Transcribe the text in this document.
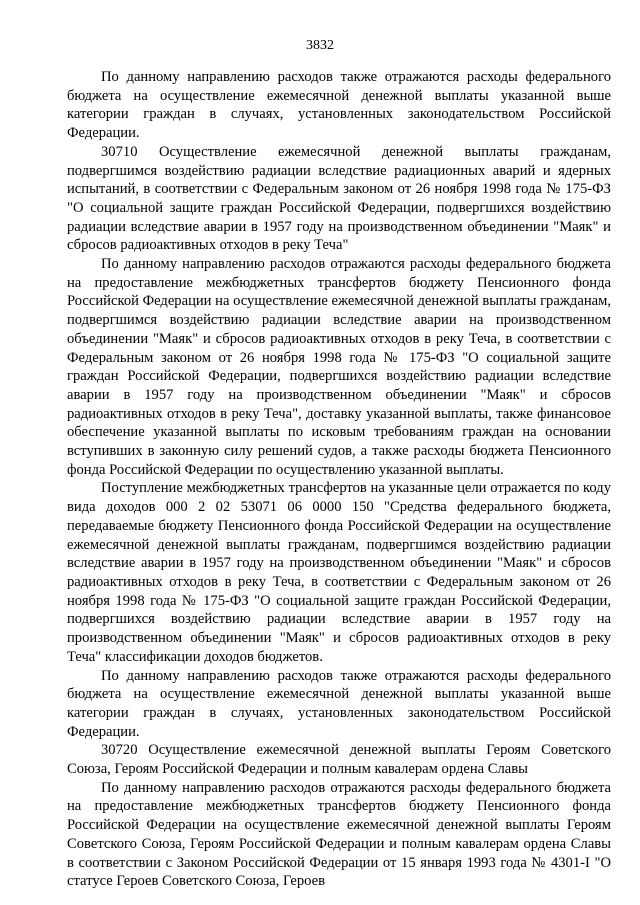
3832

По данному направлению расходов также отражаются расходы федерального бюджета на осуществление ежемесячной денежной выплаты указанной выше категории граждан в случаях, установленных законодательством Российской Федерации.

30710 Осуществление ежемесячной денежной выплаты гражданам, подвергшимся воздействию радиации вследствие радиационных аварий и ядерных испытаний, в соответствии с Федеральным законом от 26 ноября 1998 года № 175-ФЗ "О социальной защите граждан Российской Федерации, подвергшихся воздействию радиации вследствие аварии в 1957 году на производственном объединении "Маяк" и сбросов радиоактивных отходов в реку Теча"

По данному направлению расходов отражаются расходы федерального бюджета на предоставление межбюджетных трансфертов бюджету Пенсионного фонда Российской Федерации на осуществление ежемесячной денежной выплаты гражданам, подвергшимся воздействию радиации вследствие аварии на производственном объединении "Маяк" и сбросов радиоактивных отходов в реку Теча, в соответствии с Федеральным законом от 26 ноября 1998 года № 175-ФЗ "О социальной защите граждан Российской Федерации, подвергшихся воздействию радиации вследствие аварии в 1957 году на производственном объединении "Маяк" и сбросов радиоактивных отходов в реку Теча", доставку указанной выплаты, также финансовое обеспечение указанной выплаты по исковым требованиям граждан на основании вступивших в законную силу решений судов, а также расходы бюджета Пенсионного фонда Российской Федерации по осуществлению указанной выплаты.

Поступление межбюджетных трансфертов на указанные цели отражается по коду вида доходов 000 2 02 53071 06 0000 150 "Средства федерального бюджета, передаваемые бюджету Пенсионного фонда Российской Федерации на осуществление ежемесячной денежной выплаты гражданам, подвергшимся воздействию радиации вследствие аварии в 1957 году на производственном объединении "Маяк" и сбросов радиоактивных отходов в реку Теча, в соответствии с Федеральным законом от 26 ноября 1998 года № 175-ФЗ "О социальной защите граждан Российской Федерации, подвергшихся воздействию радиации вследствие аварии в 1957 году на производственном объединении "Маяк" и сбросов радиоактивных отходов в реку Теча" классификации доходов бюджетов.

По данному направлению расходов также отражаются расходы федерального бюджета на осуществление ежемесячной денежной выплаты указанной выше категории граждан в случаях, установленных законодательством Российской Федерации.

30720 Осуществление ежемесячной денежной выплаты Героям Советского Союза, Героям Российской Федерации и полным кавалерам ордена Славы

По данному направлению расходов отражаются расходы федерального бюджета на предоставление межбюджетных трансфертов бюджету Пенсионного фонда Российской Федерации на осуществление ежемесячной денежной выплаты Героям Советского Союза, Героям Российской Федерации и полным кавалерам ордена Славы в соответствии с Законом Российской Федерации от 15 января 1993 года № 4301-I "О статусе Героев Советского Союза, Героев
